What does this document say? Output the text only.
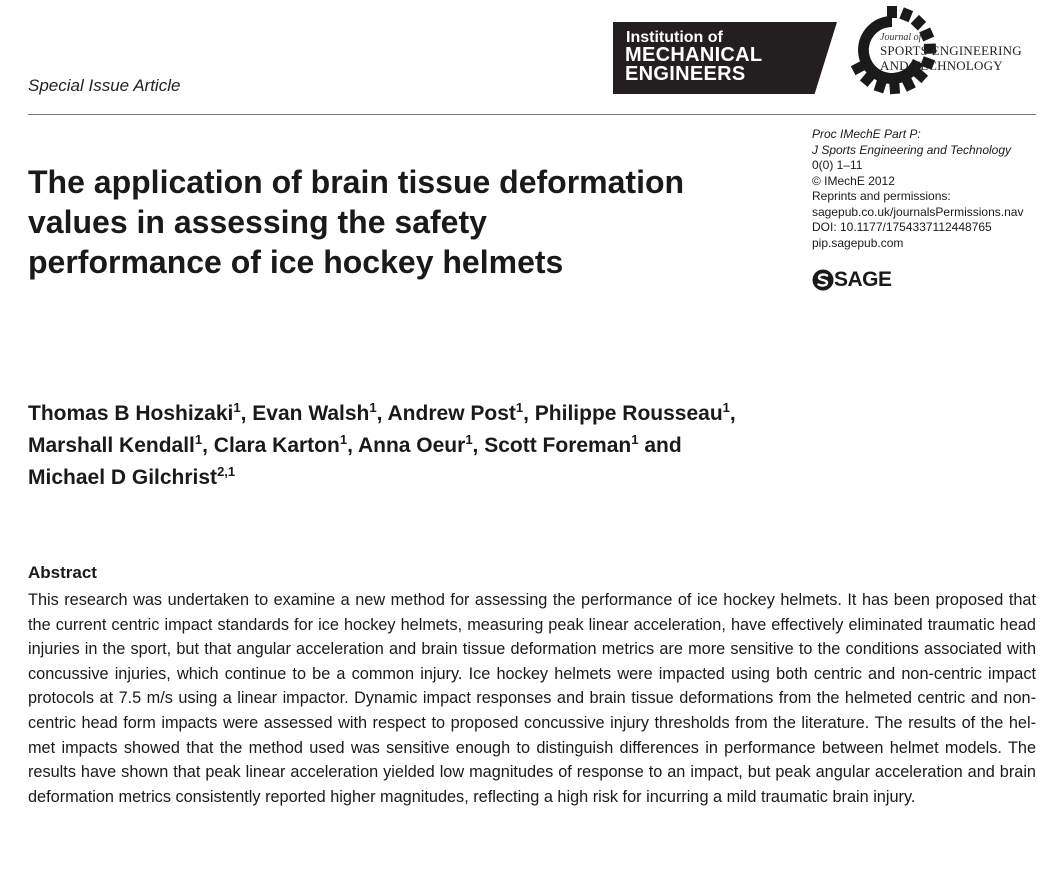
Institution of
MECHANICAL
ENGINEERS
Journal of
SPORTS ENGINEERING
AND TECHNOLOGY
Special Issue Article
The application of brain tissue deformation values in assessing the safety performance of ice hockey helmets
Proc IMechE Part P:
J Sports Engineering and Technology
0(0) 1–11
© IMechE 2012
Reprints and permissions:
sagepub.co.uk/journalsPermissions.nav
DOI: 10.1177/1754337112448765
pip.sagepub.com
SAGE
Thomas B Hoshizaki$^1$, Evan Walsh$^1$, Andrew Post$^1$, Philippe Rousseau$^1$,
Marshall Kendall$^1$, Clara Karton$^1$, Anna Oeur$^1$, Scott Foreman$^1$ and
Michael D Gilchrist$^{2,1}$
Abstract
This research was undertaken to examine a new method for assessing the performance of ice hockey helmets. It has been proposed that the current centric impact standards for ice hockey helmets, measuring peak linear acceleration, have effectively eliminated traumatic head injuries in the sport, but that angular acceleration and brain tissue deformation metrics are more sensitive to the conditions associated with concussive injuries, which continue to be a common injury. Ice hockey helmets were impacted using both centric and non-centric impact protocols at 7.5 m/s using a linear impactor. Dynamic impact responses and brain tissue deformations from the helmeted centric and non-centric head form impacts were assessed with respect to proposed concussive injury thresholds from the literature. The results of the helmet impacts showed that the method used was sensitive enough to distinguish differences in performance between helmet models. The results have shown that peak linear acceleration yielded low magnitudes of response to an impact, but peak angular acceleration and brain deformation metrics consistently reported higher magnitudes, reflecting a high risk for incurring a mild traumatic brain injury.
